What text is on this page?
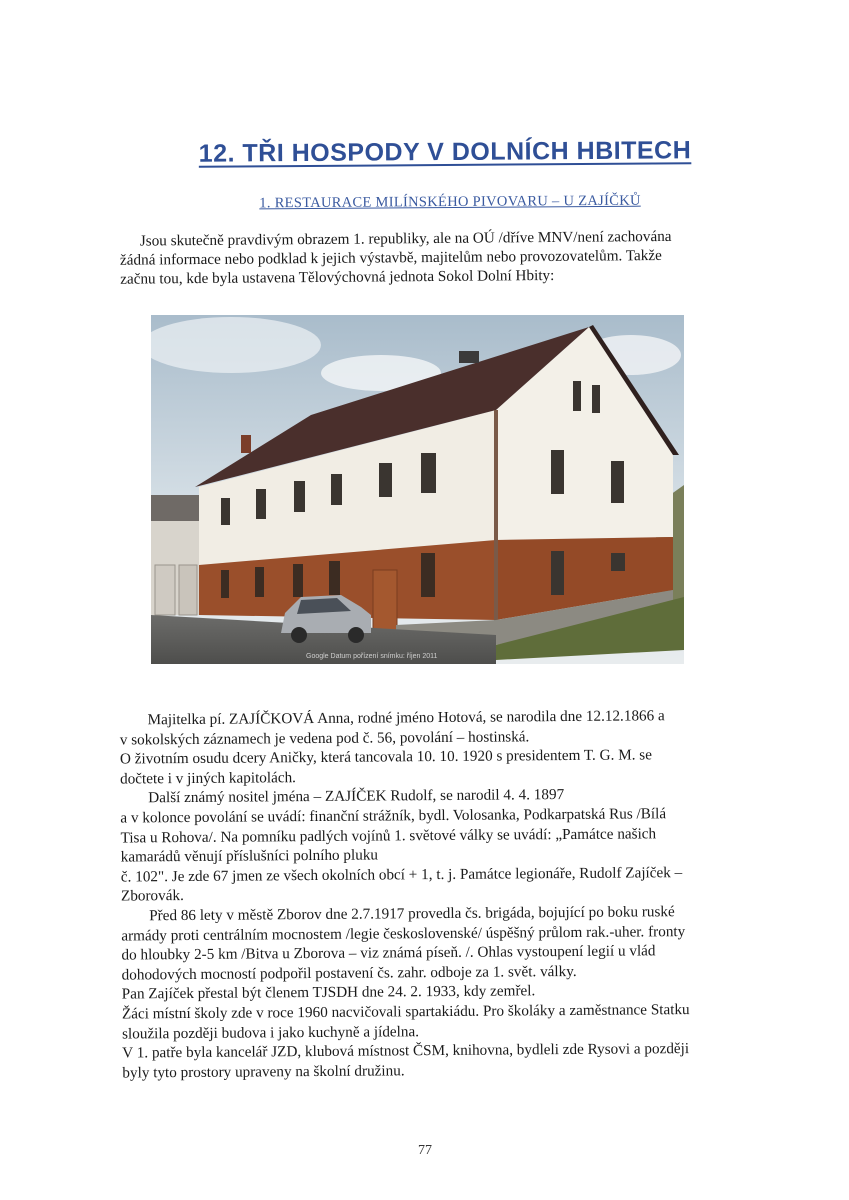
12. TŘI HOSPODY V DOLNÍCH HBITECH
1. RESTAURACE MILÍNSKÉHO PIVOVARU – U ZAJÍČKŮ

Jsou skutečně pravdivým obrazem 1. republiky, ale na OÚ /dříve MNV/není zachována
žádná informace nebo podklad k jejich výstavbě, majitelům nebo provozovatelům. Takže
začnu tou, kde byla ustavena Tělovýchovná jednota Sokol Dolní Hbity:

Google Datum pořízení snímku: říjen 2011
Majitelka pí. ZAJÍČKOVÁ Anna, rodné jméno Hotová, se narodila dne 12.12.1866 a
v sokolských záznamech je vedena pod č. 56, povolání – hostinská.
O životním osudu dcery Aničky, která tancovala 10. 10. 1920 s presidentem T. G. M. se
dočtete i v jiných kapitolách.
Další známý nositel jména – ZAJÍČEK Rudolf, se narodil 4. 4. 1897
a v kolonce povolání se uvádí: finanční strážník, bydl. Volosanka, Podkarpatská Rus /Bílá
Tisa u Rohova/. Na pomníku padlých vojínů 1. světové války se uvádí: „Památce našich
kamarádů věnují příslušníci polního pluku
č. 102". Je zde 67 jmen ze všech okolních obcí + 1, t. j. Památce legionáře, Rudolf Zajíček –
Zborovák.
Před 86 lety v městě Zborov dne 2.7.1917 provedla čs. brigáda, bojující po boku ruské
armády proti centrálním mocnostem /legie československé/ úspěšný průlom rak.-uher. fronty
do hloubky 2-5 km /Bitva u Zborova – viz známá píseň. /. Ohlas vystoupení legií u vlád
dohodových mocností podpořil postavení čs. zahr. odboje za 1. svět. války.
Pan Zajíček přestal být členem TJSDH dne 24. 2. 1933, kdy zemřel.
Žáci místní školy zde v roce 1960 nacvičovali spartakiádu. Pro školáky a zaměstnance Statku
sloužila později budova i jako kuchyně a jídelna.
V 1. patře byla kancelář JZD, klubová místnost ČSM, knihovna, bydleli zde Rysovi a později
byly tyto prostory upraveny na školní družinu.
77
